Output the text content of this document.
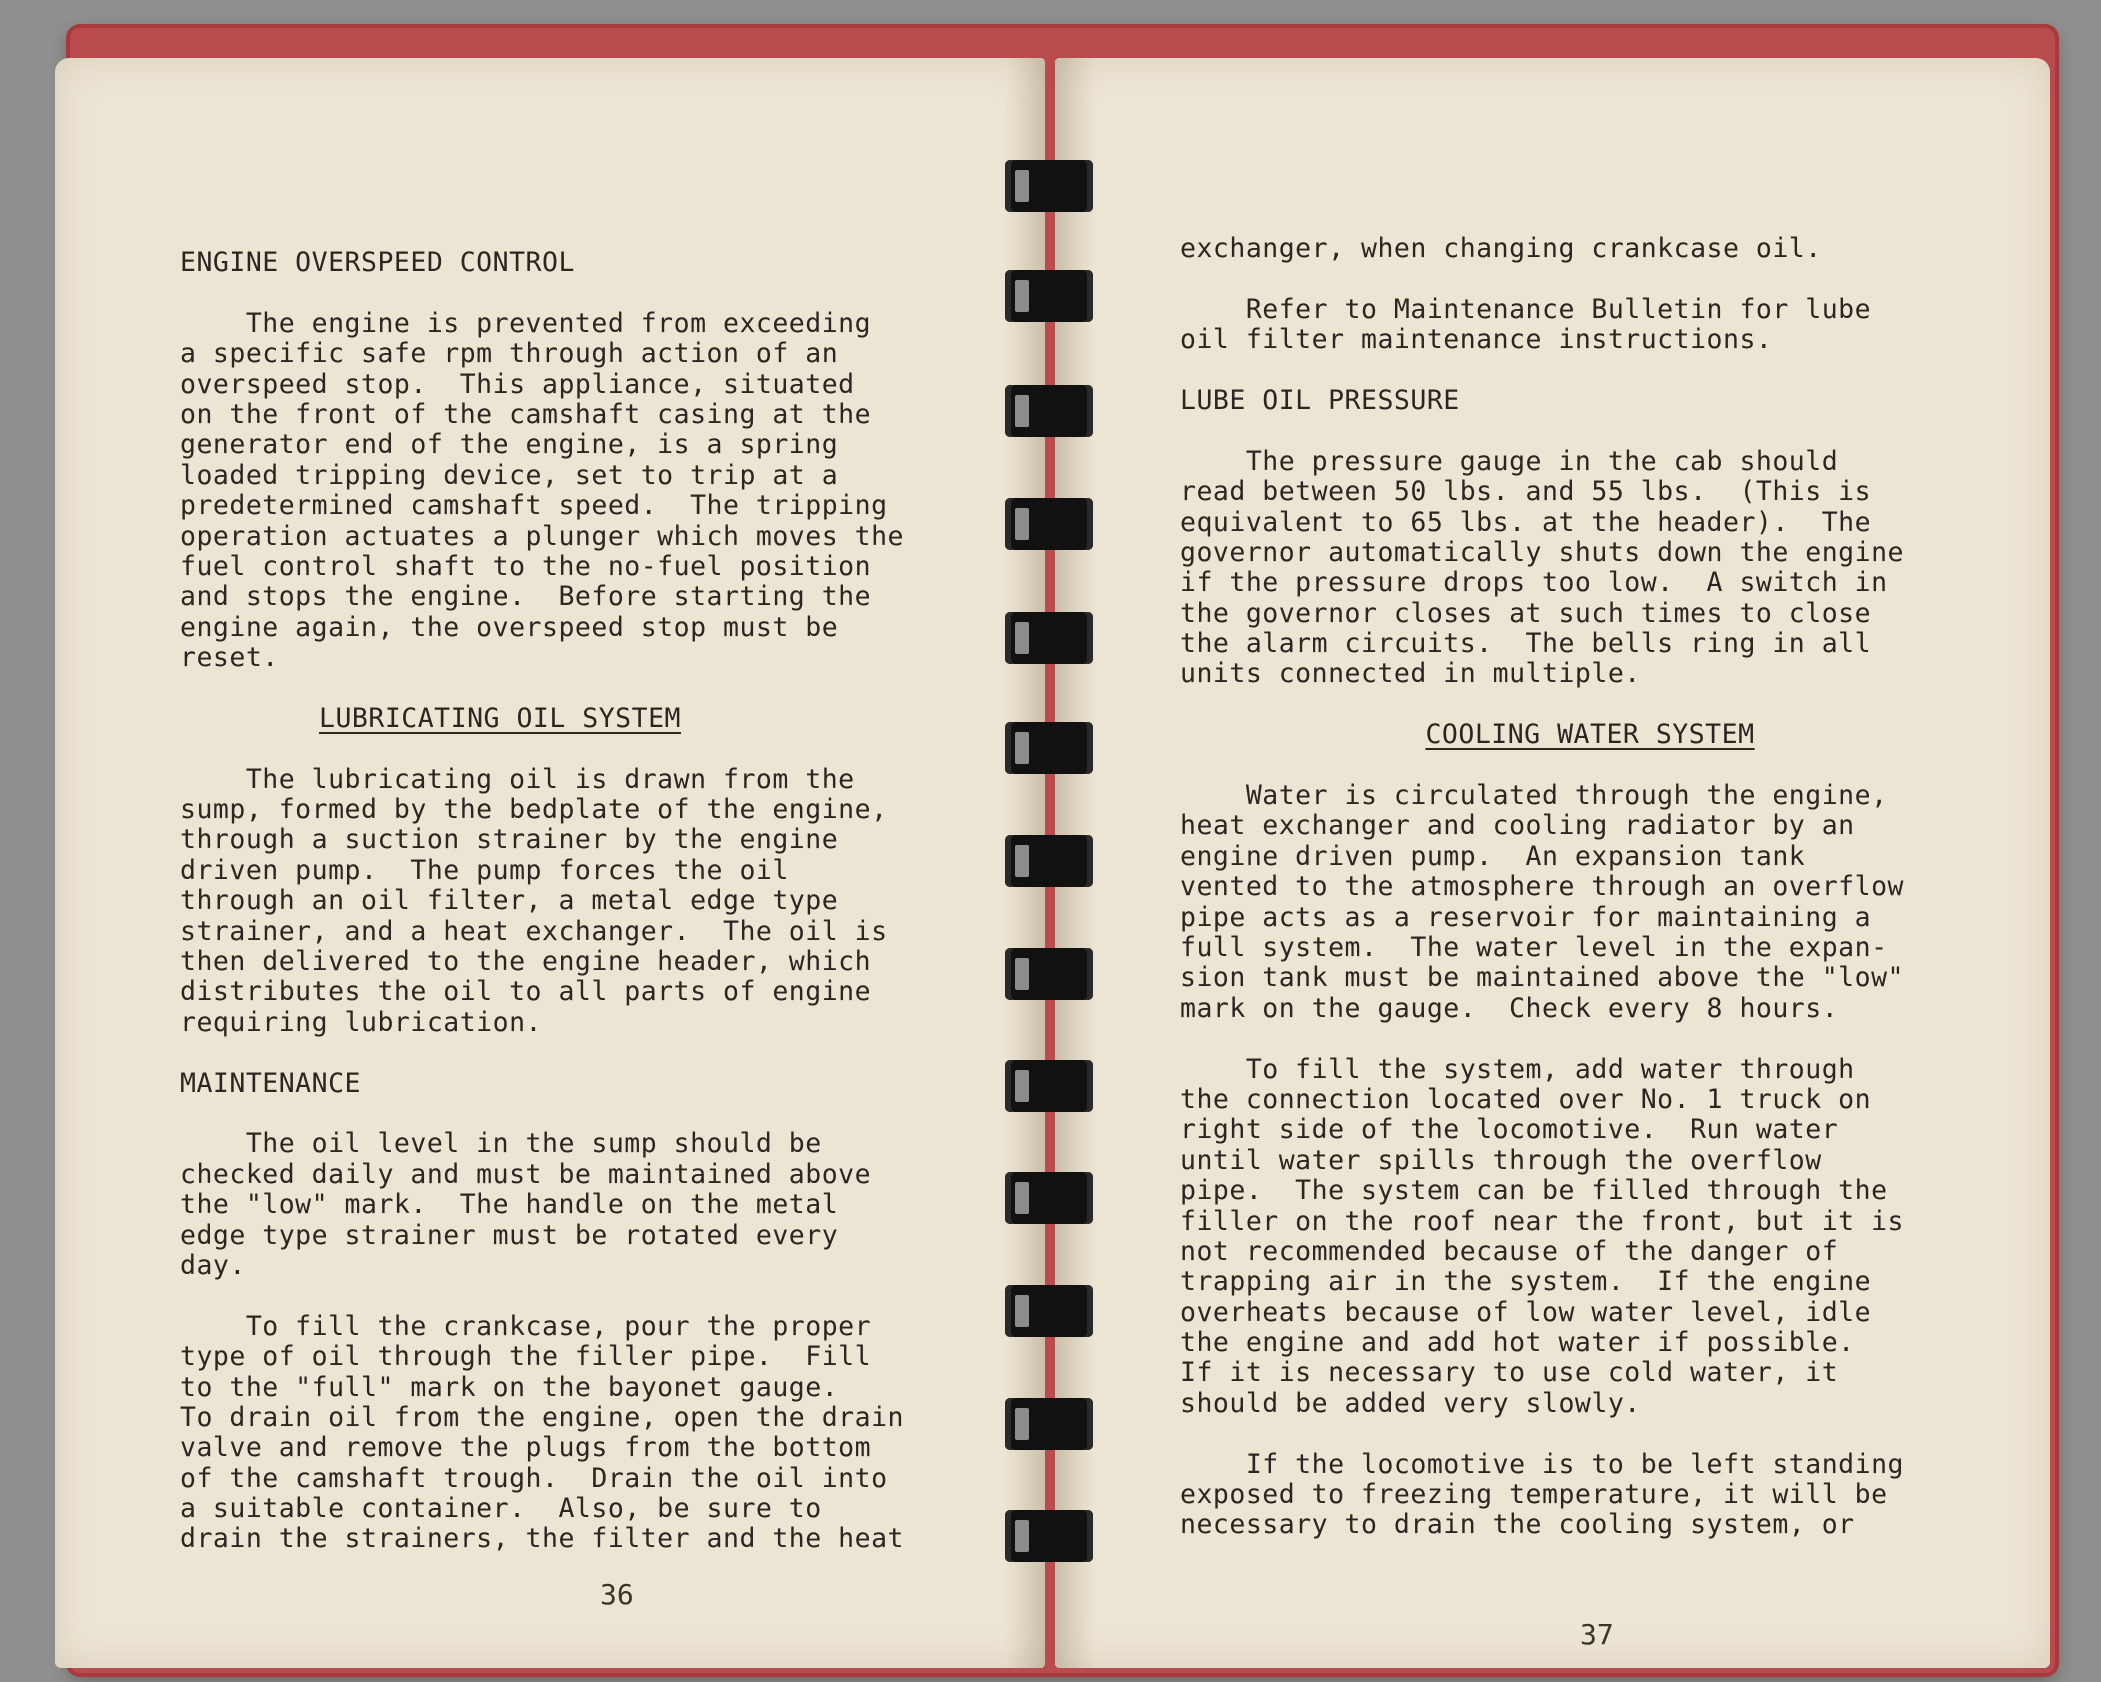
ENGINE OVERSPEED CONTROL
The engine is prevented from exceeding
a specific safe rpm through action of an
overspeed stop.  This appliance, situated
on the front of the camshaft casing at the
generator end of the engine, is a spring
loaded tripping device, set to trip at a
predetermined camshaft speed.  The tripping
operation actuates a plunger which moves the
fuel control shaft to the no-fuel position
and stops the engine.  Before starting the
engine again, the overspeed stop must be
reset.
LUBRICATING OIL SYSTEM
The lubricating oil is drawn from the
sump, formed by the bedplate of the engine,
through a suction strainer by the engine
driven pump.  The pump forces the oil
through an oil filter, a metal edge type
strainer, and a heat exchanger.  The oil is
then delivered to the engine header, which
distributes the oil to all parts of engine
requiring lubrication.
MAINTENANCE
The oil level in the sump should be
checked daily and must be maintained above
the "low" mark.  The handle on the metal
edge type strainer must be rotated every
day.
To fill the crankcase, pour the proper
type of oil through the filler pipe.  Fill
to the "full" mark on the bayonet gauge.
To drain oil from the engine, open the drain
valve and remove the plugs from the bottom
of the camshaft trough.  Drain the oil into
a suitable container.  Also, be sure to
drain the strainers, the filter and the heat
36
exchanger, when changing crankcase oil.
Refer to Maintenance Bulletin for lube
oil filter maintenance instructions.
LUBE OIL PRESSURE
The pressure gauge in the cab should
read between 50 lbs. and 55 lbs.  (This is
equivalent to 65 lbs. at the header).  The
governor automatically shuts down the engine
if the pressure drops too low.  A switch in
the governor closes at such times to close
the alarm circuits.  The bells ring in all
units connected in multiple.
COOLING WATER SYSTEM
Water is circulated through the engine,
heat exchanger and cooling radiator by an
engine driven pump.  An expansion tank
vented to the atmosphere through an overflow
pipe acts as a reservoir for maintaining a
full system.  The water level in the expan-
sion tank must be maintained above the "low"
mark on the gauge.  Check every 8 hours.
To fill the system, add water through
the connection located over No. 1 truck on
right side of the locomotive.  Run water
until water spills through the overflow
pipe.  The system can be filled through the
filler on the roof near the front, but it is
not recommended because of the danger of
trapping air in the system.  If the engine
overheats because of low water level, idle
the engine and add hot water if possible.
If it is necessary to use cold water, it
should be added very slowly.
If the locomotive is to be left standing
exposed to freezing temperature, it will be
necessary to drain the cooling system, or
37
